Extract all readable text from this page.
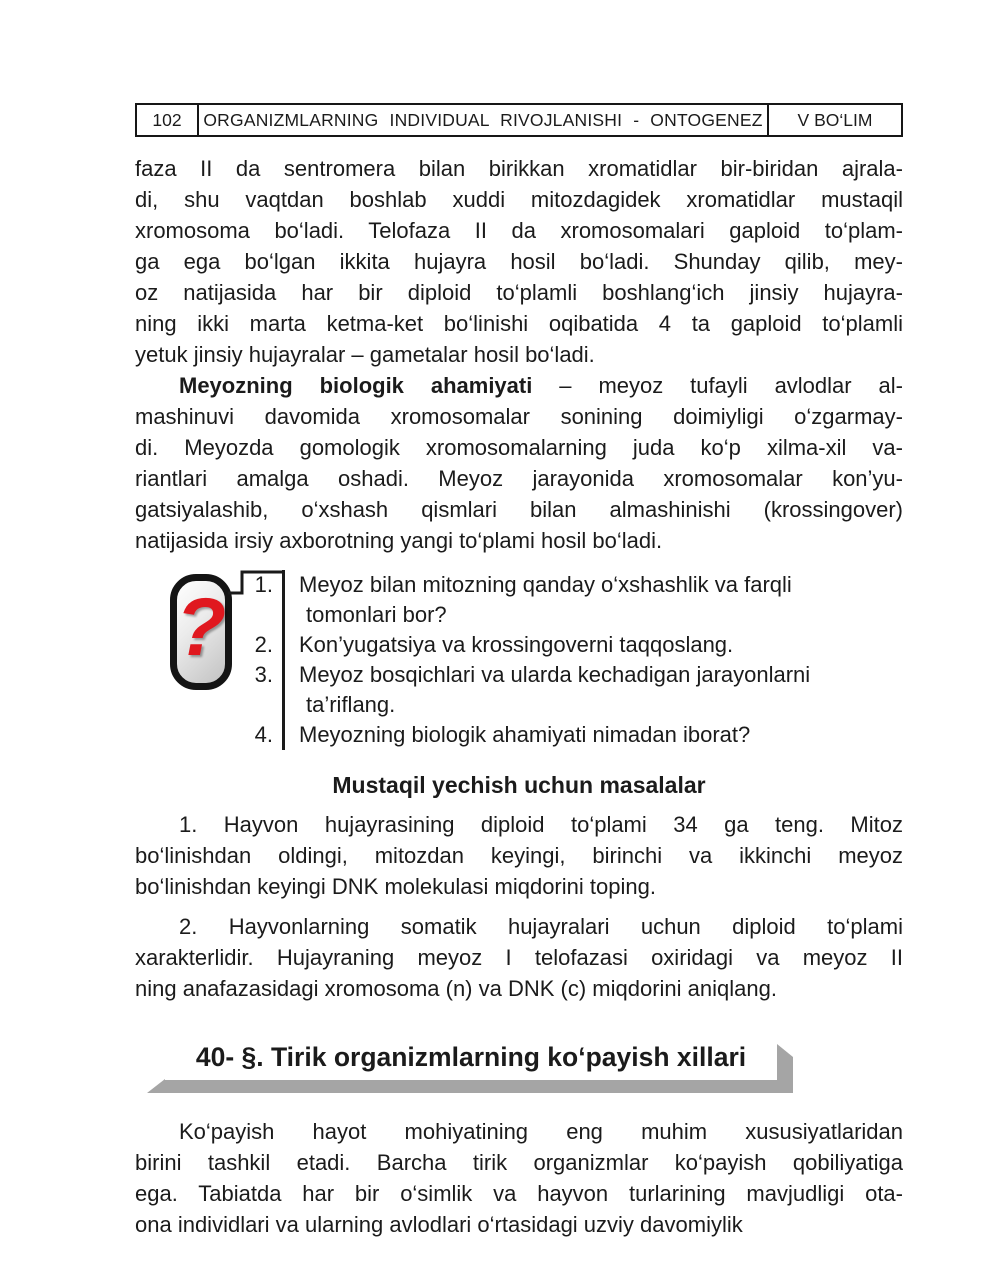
102	ORGANIZMLARNING INDIVIDUAL RIVOJLANISHI - ONTOGENEZ	V BO‘LIM
faza II da sentromera bilan birikkan xromatidlar bir-biridan ajrala-
di, shu vaqtdan boshlab xuddi mitozdagidek xromatidlar mustaqil
xromosoma bo‘ladi. Telofaza II da xromosomalari gaploid to‘plam-
ga ega bo‘lgan ikkita hujayra hosil bo‘ladi. Shunday qilib, mey-
oz natijasida har bir diploid to‘plamli boshlang‘ich jinsiy hujayra-
ning ikki marta ketma-ket bo‘linishi oqibatida 4 ta gaploid to‘plamli
yetuk jinsiy hujayralar – gametalar hosil bo‘ladi.
Meyozning biologik ahamiyati – meyoz tufayli avlodlar al-
mashinuvi davomida xromosomalar sonining doimiyligi o‘zgarmay-
di. Meyozda gomologik xromosomalarning juda ko‘p xilma-xil va-
riantlari amalga oshadi. Meyoz jarayonida xromosomalar kon’yu-
gatsiyalashib, o‘xshash qismlari bilan almashinishi (krossingover)
natijasida irsiy axborotning yangi to‘plami hosil bo‘ladi.
?	1.	Meyoz bilan mitozning qanday o‘xshashlik va farqli
tomonlari bor?
2.	Kon’yugatsiya va krossingoverni taqqoslang.
3.	Meyoz bosqichlari va ularda kechadigan jarayonlarni
ta’riflang.
4.	Meyozning biologik ahamiyati nimadan iborat?
Mustaqil yechish uchun masalalar
1. Hayvon hujayrasining diploid to‘plami 34 ga teng. Mitoz
bo‘linishdan oldingi, mitozdan keyingi, birinchi va ikkinchi meyoz
bo‘linishdan keyingi DNK molekulasi miqdorini toping.
2. Hayvonlarning somatik hujayralari uchun diploid to‘plami
xarakterlidir. Hujayraning meyoz I telofazasi oxiridagi va meyoz II
ning anafazasidagi xromosoma (n) va DNK (c) miqdorini aniqlang.
40- §. Tirik organizmlarning ko‘payish xillari
Ko‘payish hayot mohiyatining eng muhim xususiyatlaridan
birini tashkil etadi. Barcha tirik organizmlar ko‘payish qobiliyatiga
ega. Tabiatda har bir o‘simlik va hayvon turlarining mavjudligi ota-
ona individlari va ularning avlodlari o‘rtasidagi uzviy davomiylik
